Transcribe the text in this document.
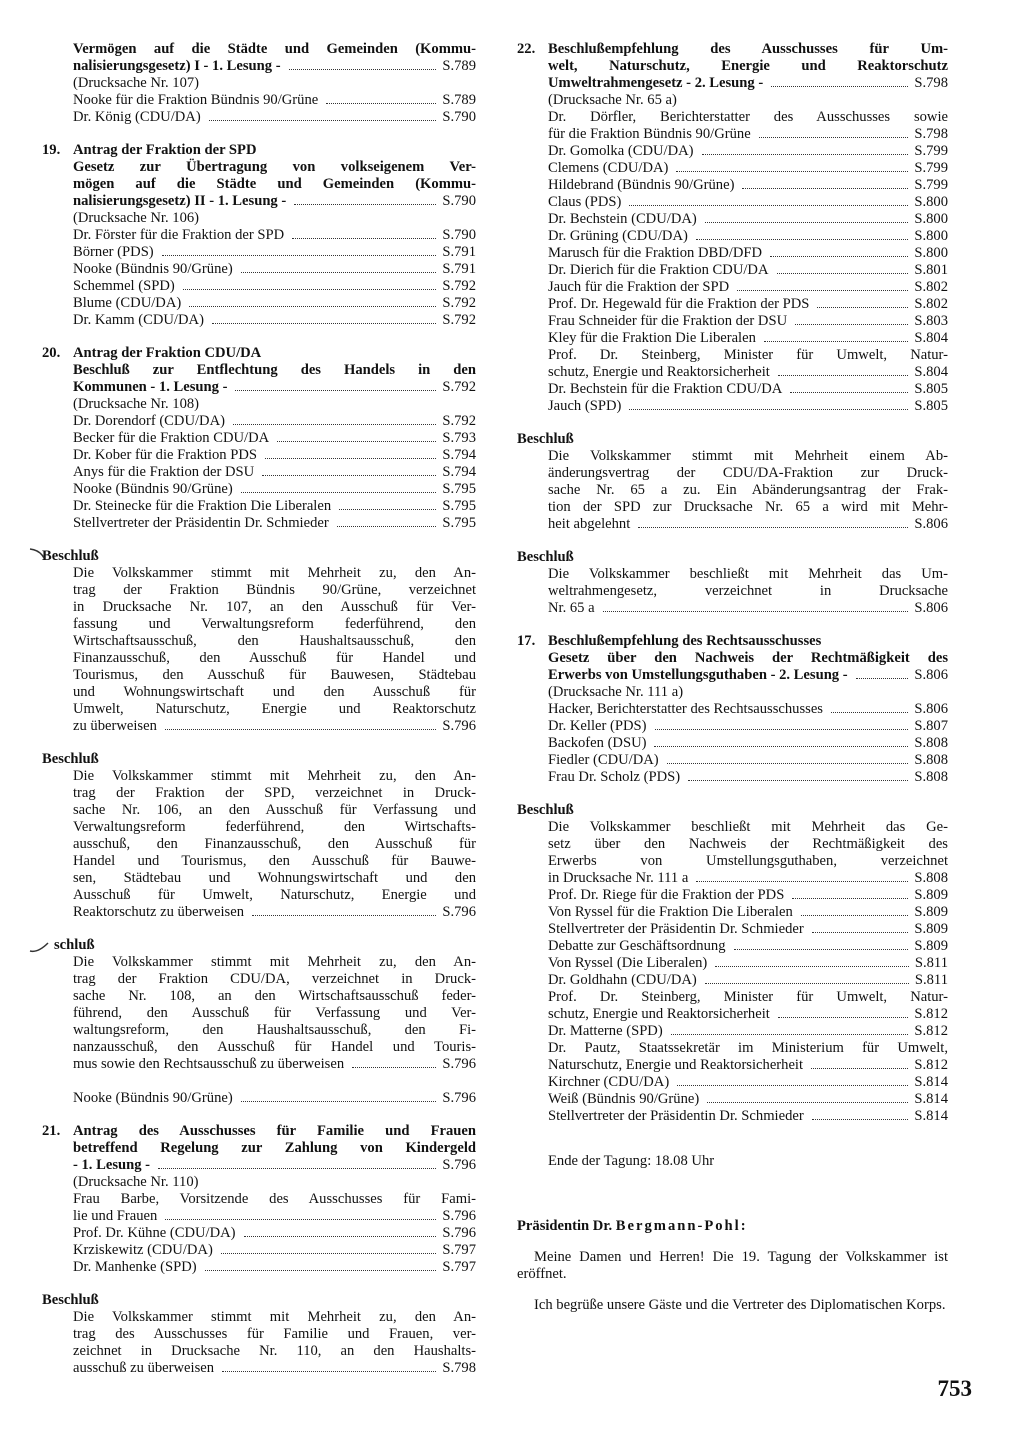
Vermögen auf die Städte und Gemeinden (Kommu-
nalisierungsgesetz) I - 1. Lesung -	S.789
(Drucksache Nr. 107)
Nooke für die Fraktion Bündnis 90/Grüne	S.789
Dr. König (CDU/DA)	S.790
19. Antrag der Fraktion der SPD
Gesetz zur Übertragung von volkseigenem Ver-
mögen auf die Städte und Gemeinden (Kommu-
nalisierungsgesetz) II - 1. Lesung -	S.790
(Drucksache Nr. 106)
Dr. Förster für die Fraktion der SPD	S.790
Börner (PDS)	S.791
Nooke (Bündnis 90/Grüne)	S.791
Schemmel (SPD)	S.792
Blume (CDU/DA)	S.792
Dr. Kamm (CDU/DA)	S.792
20. Antrag der Fraktion CDU/DA
Beschluß zur Entflechtung des Handels in den
Kommunen - 1. Lesung -	S.792
(Drucksache Nr. 108)
Dr. Dorendorf (CDU/DA)	S.792
Becker für die Fraktion CDU/DA	S.793
Dr. Kober für die Fraktion PDS	S.794
Anys für die Fraktion der DSU	S.794
Nooke (Bündnis 90/Grüne)	S.795
Dr. Steinecke für die Fraktion Die Liberalen	S.795
Stellvertreter der Präsidentin Dr. Schmieder	S.795
Beschluß
Die Volkskammer stimmt mit Mehrheit zu, den An-
trag der Fraktion Bündnis 90/Grüne, verzeichnet
in Drucksache Nr. 107, an den Ausschuß für Ver-
fassung und Verwaltungsreform federführend, den
Wirtschaftsausschuß, den Haushaltsausschuß, den
Finanzausschuß, den Ausschuß für Handel und
Tourismus, den Ausschuß für Bauwesen, Städtebau
und Wohnungswirtschaft und den Ausschuß für
Umwelt, Naturschutz, Energie und Reaktorschutz
zu überweisen	S.796
Beschluß
Die Volkskammer stimmt mit Mehrheit zu, den An-
trag der Fraktion der SPD, verzeichnet in Druck-
sache Nr. 106, an den Ausschuß für Verfassung und
Verwaltungsreform federführend, den Wirtschafts-
ausschuß, den Finanzausschuß, den Ausschuß für
Handel und Tourismus, den Ausschuß für Bauwe-
sen, Städtebau und Wohnungswirtschaft und den
Ausschuß für Umwelt, Naturschutz, Energie und
Reaktorschutz zu überweisen	S.796
schluß
Die Volkskammer stimmt mit Mehrheit zu, den An-
trag der Fraktion CDU/DA, verzeichnet in Druck-
sache Nr. 108, an den Wirtschaftsausschuß feder-
führend, den Ausschuß für Verfassung und Ver-
waltungsreform, den Haushaltsausschuß, den Fi-
nanzausschuß, den Ausschuß für Handel und Touris-
mus sowie den Rechtsausschuß zu überweisen	S.796
Nooke (Bündnis 90/Grüne)	S.796
21. Antrag des Ausschusses für Familie und Frauen
betreffend Regelung zur Zahlung von Kindergeld
- 1. Lesung -	S.796
(Drucksache Nr. 110)
Frau Barbe, Vorsitzende des Ausschusses für Fami-
lie und Frauen	S.796
Prof. Dr. Kühne (CDU/DA)	S.796
Krziskewitz (CDU/DA)	S.797
Dr. Manhenke (SPD)	S.797
Beschluß
Die Volkskammer stimmt mit Mehrheit zu, den An-
trag des Ausschusses für Familie und Frauen, ver-
zeichnet in Drucksache Nr. 110, an den Haushalts-
ausschuß zu überweisen	S.798
22. Beschlußempfehlung des Ausschusses für Um-
welt, Naturschutz, Energie und Reaktorschutz
Umweltrahmengesetz - 2. Lesung -	S.798
(Drucksache Nr. 65 a)
Dr. Dörfler, Berichterstatter des Ausschusses sowie
für die Fraktion Bündnis 90/Grüne	S.798
Dr. Gomolka (CDU/DA)	S.799
Clemens (CDU/DA)	S.799
Hildebrand (Bündnis 90/Grüne)	S.799
Claus (PDS)	S.800
Dr. Bechstein (CDU/DA)	S.800
Dr. Grüning (CDU/DA)	S.800
Marusch für die Fraktion DBD/DFD	S.800
Dr. Dierich für die Fraktion CDU/DA	S.801
Jauch für die Fraktion der SPD	S.802
Prof. Dr. Hegewald für die Fraktion der PDS	S.802
Frau Schneider für die Fraktion der DSU	S.803
Kley für die Fraktion Die Liberalen	S.804
Prof. Dr. Steinberg, Minister für Umwelt, Natur-
schutz, Energie und Reaktorsicherheit	S.804
Dr. Bechstein für die Fraktion CDU/DA	S.805
Jauch (SPD)	S.805
Beschluß
Die Volkskammer stimmt mit Mehrheit einem Ab-
änderungsvertrag der CDU/DA-Fraktion zur Druck-
sache Nr. 65 a zu. Ein Abänderungsantrag der Frak-
tion der SPD zur Drucksache Nr. 65 a wird mit Mehr-
heit abgelehnt	S.806
Beschluß
Die Volkskammer beschließt mit Mehrheit das Um-
weltrahmengesetz, verzeichnet in Drucksache
Nr. 65 a	S.806
17. Beschlußempfehlung des Rechtsausschusses
Gesetz über den Nachweis der Rechtmäßigkeit des
Erwerbs von Umstellungsguthaben - 2. Lesung -	S.806
(Drucksache Nr. 111 a)
Hacker, Berichterstatter des Rechtsausschusses	S.806
Dr. Keller (PDS)	S.807
Backofen (DSU)	S.808
Fiedler (CDU/DA)	S.808
Frau Dr. Scholz (PDS)	S.808
Beschluß
Die Volkskammer beschließt mit Mehrheit das Ge-
setz über den Nachweis der Rechtmäßigkeit des
Erwerbs von Umstellungsguthaben, verzeichnet
in Drucksache Nr. 111 a	S.808
Prof. Dr. Riege für die Fraktion der PDS	S.809
Von Ryssel für die Fraktion Die Liberalen	S.809
Stellvertreter der Präsidentin Dr. Schmieder	S.809
Debatte zur Geschäftsordnung	S.809
Von Ryssel (Die Liberalen)	S.811
Dr. Goldhahn (CDU/DA)	S.811
Prof. Dr. Steinberg, Minister für Umwelt, Natur-
schutz, Energie und Reaktorsicherheit	S.812
Dr. Matterne (SPD)	S.812
Dr. Pautz, Staatssekretär im Ministerium für Umwelt,
Naturschutz, Energie und Reaktorsicherheit	S.812
Kirchner (CDU/DA)	S.814
Weiß (Bündnis 90/Grüne)	S.814
Stellvertreter der Präsidentin Dr. Schmieder	S.814
Ende der Tagung: 18.08 Uhr
Präsidentin Dr. Bergmann-Pohl:
Meine Damen und Herren! Die 19. Tagung der Volkskammer ist eröffnet.
Ich begrüße unsere Gäste und die Vertreter des Diplomatischen Korps.
753
